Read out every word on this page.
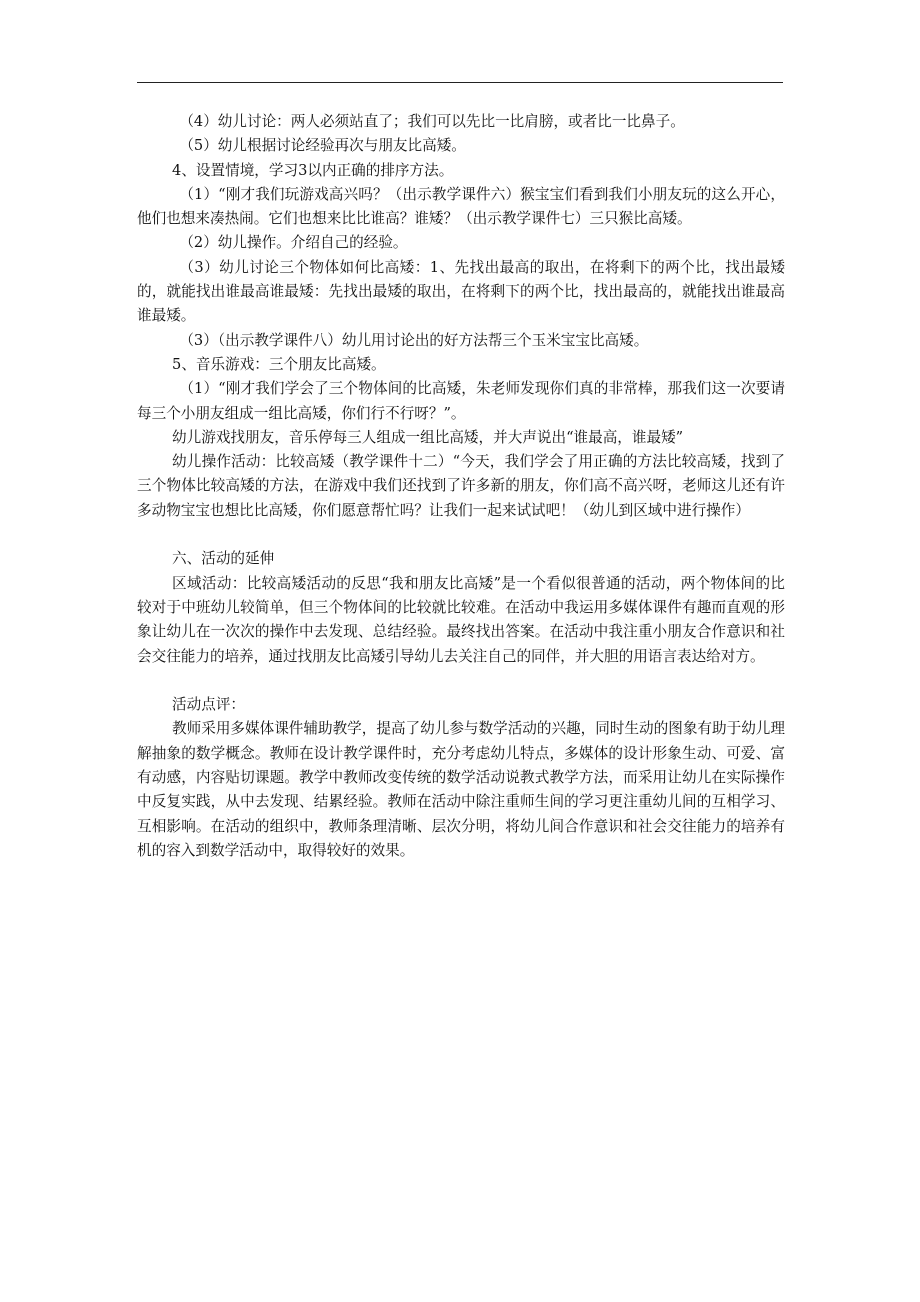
（4）幼儿讨论：两人必须站直了；我们可以先比一比肩膀，或者比一比鼻子。

（5）幼儿根据讨论经验再次与朋友比高矮。

4、设置情境，学习3以内正确的排序方法。

（1）“刚才我们玩游戏高兴吗？（出示教学课件六）猴宝宝们看到我们小朋友玩的这么开心，他们也想来凑热闹。它们也想来比比谁高？谁矮？（出示教学课件七）三只猴比高矮。

（2）幼儿操作。介绍自己的经验。

（3）幼儿讨论三个物体如何比高矮：1、先找出最高的取出，在将剩下的两个比，找出最矮的，就能找出谁最高谁最矮：先找出最矮的取出，在将剩下的两个比，找出最高的，就能找出谁最高谁最矮。

（3）（出示教学课件八）幼儿用讨论出的好方法帮三个玉米宝宝比高矮。

5、音乐游戏：三个朋友比高矮。

（1）“刚才我们学会了三个物体间的比高矮，朱老师发现你们真的非常棒，那我们这一次要请每三个小朋友组成一组比高矮，你们行不行呀？”。

幼儿游戏找朋友，音乐停每三人组成一组比高矮，并大声说出“谁最高，谁最矮”

幼儿操作活动：比较高矮（教学课件十二）“今天，我们学会了用正确的方法比较高矮，找到了三个物体比较高矮的方法，在游戏中我们还找到了许多新的朋友，你们高不高兴呀，老师这儿还有许多动物宝宝也想比比高矮，你们愿意帮忙吗？让我们一起来试试吧！（幼儿到区域中进行操作）

六、活动的延伸

区域活动：比较高矮活动的反思“我和朋友比高矮”是一个看似很普通的活动，两个物体间的比较对于中班幼儿较简单，但三个物体间的比较就比较难。在活动中我运用多媒体课件有趣而直观的形象让幼儿在一次次的操作中去发现、总结经验。最终找出答案。在活动中我注重小朋友合作意识和社会交往能力的培养，通过找朋友比高矮引导幼儿去关注自己的同伴，并大胆的用语言表达给对方。

活动点评：

教师采用多媒体课件辅助教学，提高了幼儿参与数学活动的兴趣，同时生动的图象有助于幼儿理解抽象的数学概念。教师在设计教学课件时，充分考虑幼儿特点，多媒体的设计形象生动、可爱、富有动感，内容贴切课题。教学中教师改变传统的数学活动说教式教学方法，而采用让幼儿在实际操作中反复实践，从中去发现、结累经验。教师在活动中除注重师生间的学习更注重幼儿间的互相学习、互相影响。在活动的组织中，教师条理清晰、层次分明，将幼儿间合作意识和社会交往能力的培养有机的容入到数学活动中，取得较好的效果。
